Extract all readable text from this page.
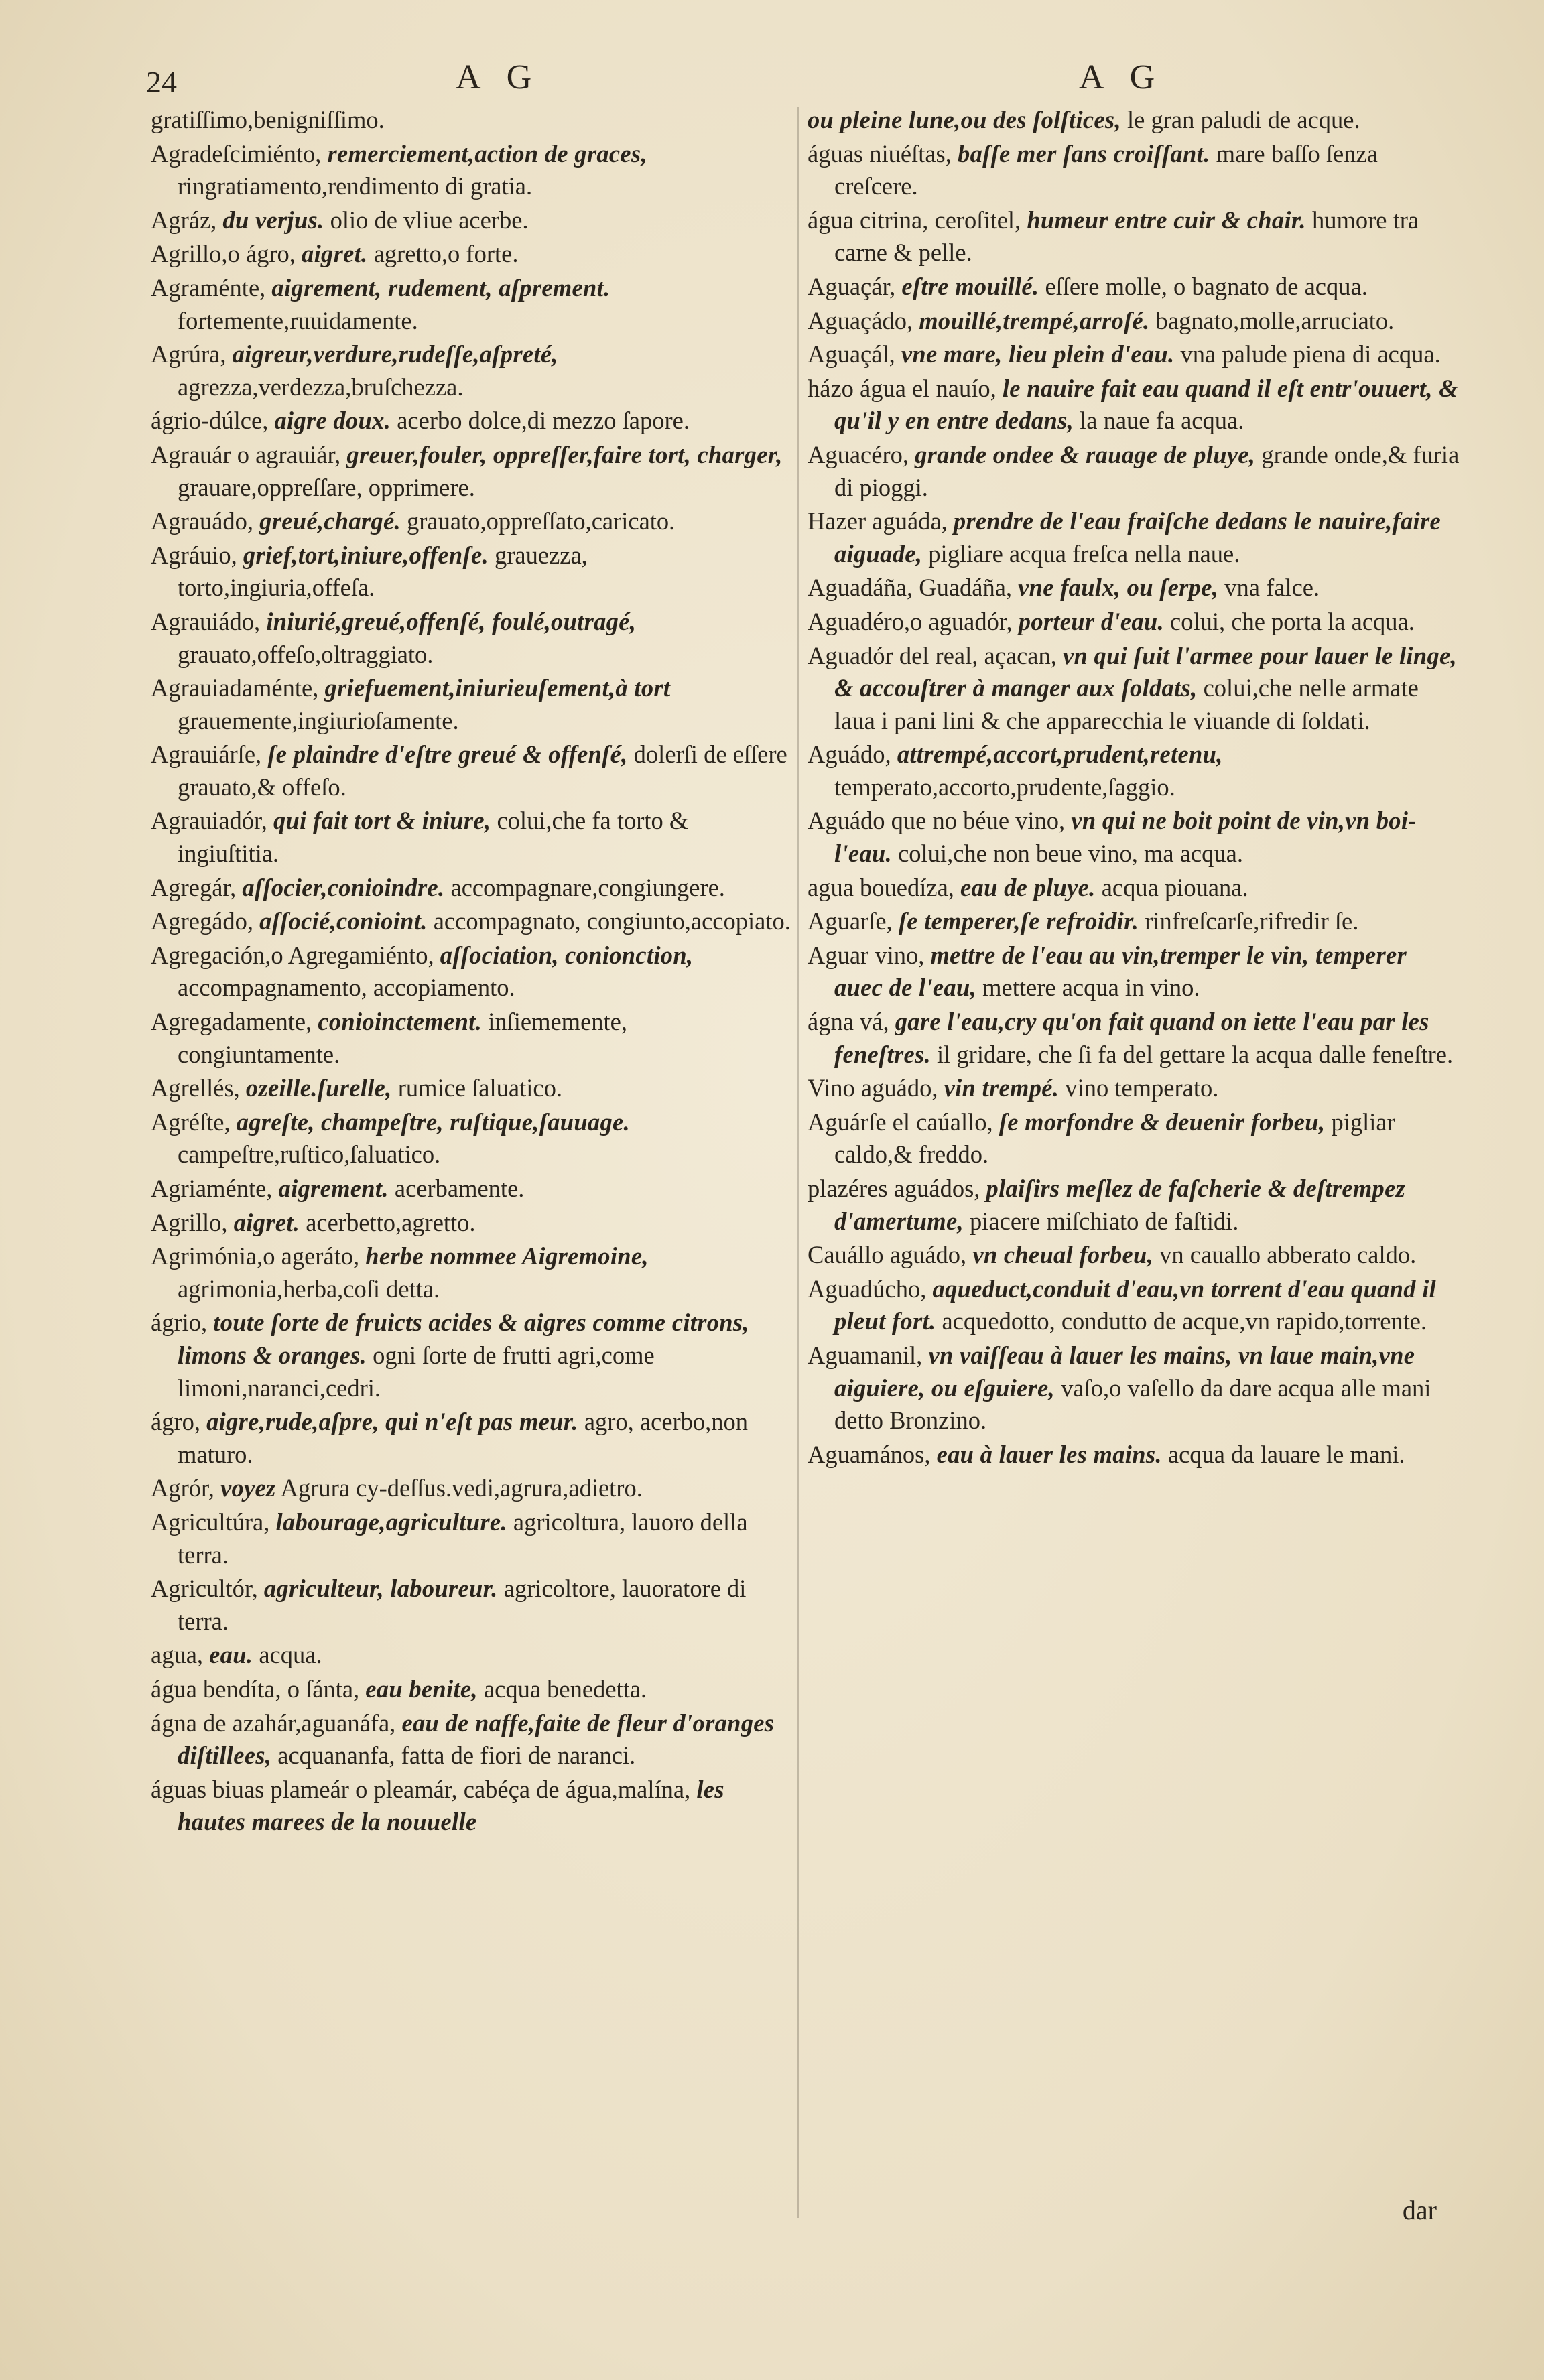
24	A G	A G
gratiſſimo,benigniſſimo.
Agradeſcimiénto, remerciement,action de graces, ringratiamento,rendimento di gratia.
Agráz, du verjus. olio de vliue acerbe.
Agrillo,o ágro, aigret. agretto,o forte.
Agraménte, aigrement, rudement, aſprement. fortemente,ruuidamente.
Agrúra, aigreur,verdure,rudeſſe,aſpreté, agrezza,verdezza,bruſchezza.
ágrio-dúlce, aigre doux. acerbo dolce,di mezzo ſapore.
Agrauár o agrauiár, greuer,fouler, oppreſſer,faire tort, charger, grauare,oppreſſare, opprimere.
Agrauádo, greué,chargé. grauato,oppreſſato,caricato.
Agráuio, grief,tort,iniure,offenſe. grauezza, torto,ingiuria,offeſa.
Agrauiádo, iniurié,greué,offenſé, foulé,outragé, grauato,offeſo,oltraggiato.
Agrauiadaménte, griefuement,iniurieuſement,à tort grauemente,ingiurioſamente.
Agrauiárſe, ſe plaindre d'eſtre greué & offenſé, dolerſi de eſſere grauato,& offeſo.
Agrauiadór, qui fait tort & iniure, colui,che fa torto & ingiuſtitia.
Agregár, aſſocier,conioindre. accompagnare,congiungere.
Agregádo, aſſocié,conioint. accompagnato, congiunto,accopiato.
Agregación,o Agregamiénto, aſſociation, conionction, accompagnamento, accopiamento.
Agregadamente, conioinctement. inſiememente, congiuntamente.
Agrellés, ozeille.ſurelle, rumice ſaluatico.
Agréſte, agreſte, champeſtre, ruſtique,ſauuage. campeſtre,ruſtico,ſaluatico.
Agriaménte, aigrement. acerbamente.
Agrillo, aigret. acerbetto,agretto.
Agrimónia,o ageráto, herbe nommee Aigremoine, agrimonia,herba,coſi detta.
ágrio, toute ſorte de fruicts acides & aigres comme citrons, limons & oranges. ogni ſorte de frutti agri,come limoni,naranci,cedri.
ágro, aigre,rude,aſpre, qui n'eſt pas meur. agro, acerbo,non maturo.
Agrór, voyez Agrura cy-deſſus.vedi,agrura,adietro.
Agricultúra, labourage,agriculture. agricoltura, lauoro della terra.
Agricultór, agriculteur, laboureur. agricoltore, lauoratore di terra.
agua, eau. acqua.
água bendíta, o ſánta, eau benite, acqua benedetta.
ágna de azahár,aguanáfa, eau de naffe,faite de fleur d'oranges diſtillees, acquananfa, fatta de fiori de naranci.
águas biuas plameár o pleamár, cabéça de água,malína, les hautes marees de la nouuelle
ou pleine lune,ou des ſolſtices, le gran paludi de acque.
águas niuéſtas, baſſe mer ſans croiſſant. mare baſſo ſenza creſcere.
água citrina, ceroſitel, humeur entre cuir & chair. humore tra carne & pelle.
Aguaçár, eſtre mouillé. eſſere molle, o bagnato de acqua.
Aguaçádo, mouillé,trempé,arroſé. bagnato,molle,arruciato.
Aguaçál, vne mare, lieu plein d'eau. vna palude piena di acqua.
házo água el nauío, le nauire fait eau quand il eſt entr'ouuert, & qu'il y en entre dedans, la naue fa acqua.
Aguacéro, grande ondee & rauage de pluye, grande onde,& furia di pioggi.
Hazer aguáda, prendre de l'eau fraiſche dedans le nauire,faire aiguade, pigliare acqua freſca nella naue.
Aguadáña, Guadáña, vne faulx, ou ſerpe, vna falce.
Aguadéro,o aguadór, porteur d'eau. colui, che porta la acqua.
Aguadór del real, açacan, vn qui ſuit l'armee pour lauer le linge, & accouſtrer à manger aux ſoldats, colui,che nelle armate laua i pani lini & che apparecchia le viuande di ſoldati.
Aguádo, attrempé,accort,prudent,retenu, temperato,accorto,prudente,ſaggio.
Aguádo que no béue vino, vn qui ne boit point de vin,vn boi-l'eau. colui,che non beue vino, ma acqua.
agua bouedíza, eau de pluye. acqua piouana.
Aguarſe, ſe temperer,ſe refroidir. rinfreſcarſe,rifredir ſe.
Aguar vino, mettre de l'eau au vin,tremper le vin, temperer auec de l'eau, mettere acqua in vino.
ágna vá, gare l'eau,cry qu'on fait quand on iette l'eau par les feneſtres. il gridare, che ſi fa del gettare la acqua dalle feneſtre.
Vino aguádo, vin trempé. vino temperato.
Aguárſe el caúallo, ſe morfondre & deuenir forbeu, pigliar caldo,& freddo.
plazéres aguádos, plaiſirs meſlez de faſcherie & deſtrempez d'amertume, piacere miſchiato de faſtidi.
Cauállo aguádo, vn cheual forbeu, vn cauallo abberato caldo.
Aguadúcho, aqueduct,conduit d'eau,vn torrent d'eau quand il pleut fort. acquedotto, condutto de acque,vn rapido,torrente.
Aguamanil, vn vaiſſeau à lauer les mains, vn laue main,vne aiguiere, ou eſguiere, vaſo,o vaſello da dare acqua alle mani detto Bronzino.
Aguamános, eau à lauer les mains. acqua da lauare le mani.
dar
